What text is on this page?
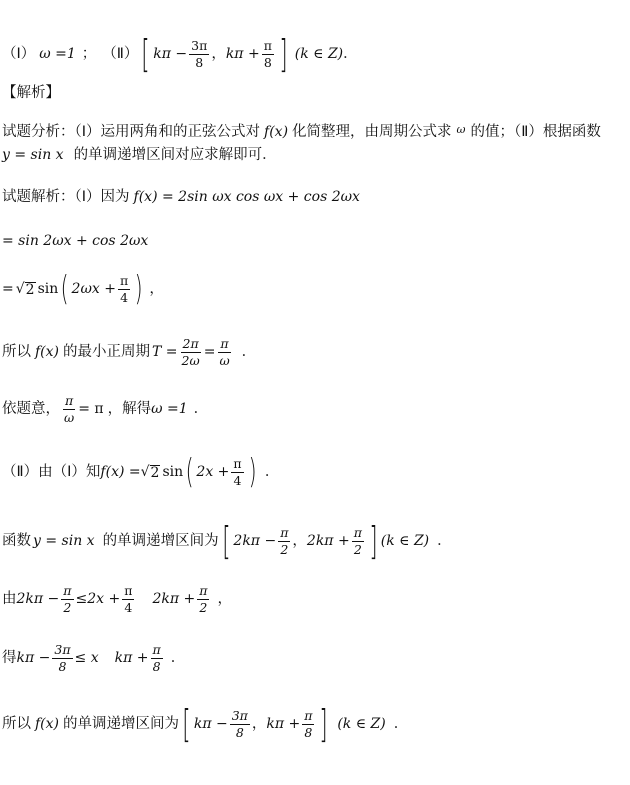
（Ⅰ） ω =1 ； （Ⅱ） [ $k\pi - \frac{3\pi}{8}$ ， $k\pi + \frac{\pi}{8}$ ] (k ∈ Z) ．
【解析】
试题分析：（Ⅰ）运用两角和的正弦公式对 f(x) 化简整理，由周期公式求 ω 的值；（Ⅱ）根据函数
y = sin x 的单调递增区间对应求解即可．
试题解析：（Ⅰ）因为 f(x) = 2sin ωx cos ωx + cos 2ωx
= sin 2ωx + cos 2ωx
= √ 2 sin ( $2\omega x + \frac{\pi}{4}$ ) ，
所以 f(x) 的最小正周期 $T = \frac{2\pi}{2\omega} = \frac{\pi}{\omega}$ ．
依题意， $\frac{\pi}{\omega} = \pi$ ，解得 ω =1 ．
（Ⅱ）由（Ⅰ）知 f(x) = √ 2 sin ( $2x + \frac{\pi}{4}$ ) ．
函数 y = sin x 的单调递增区间为 [ $2k\pi - \frac{\pi}{2}$ ， $2k\pi + \frac{\pi}{2}$ ] (k ∈ Z) ．
由 $2k\pi - \frac{\pi}{2} \le 2x + \frac{\pi}{4} 2k\pi + \frac{\pi}{2}$ ，
得 $k\pi - \frac{3\pi}{8} \le x$ $k\pi + \frac{\pi}{8}$ ．
所以 f(x) 的单调递增区间为 [ $k\pi - \frac{3\pi}{8}$ ， $k\pi + \frac{\pi}{8}$ ] (k ∈ Z) ．
